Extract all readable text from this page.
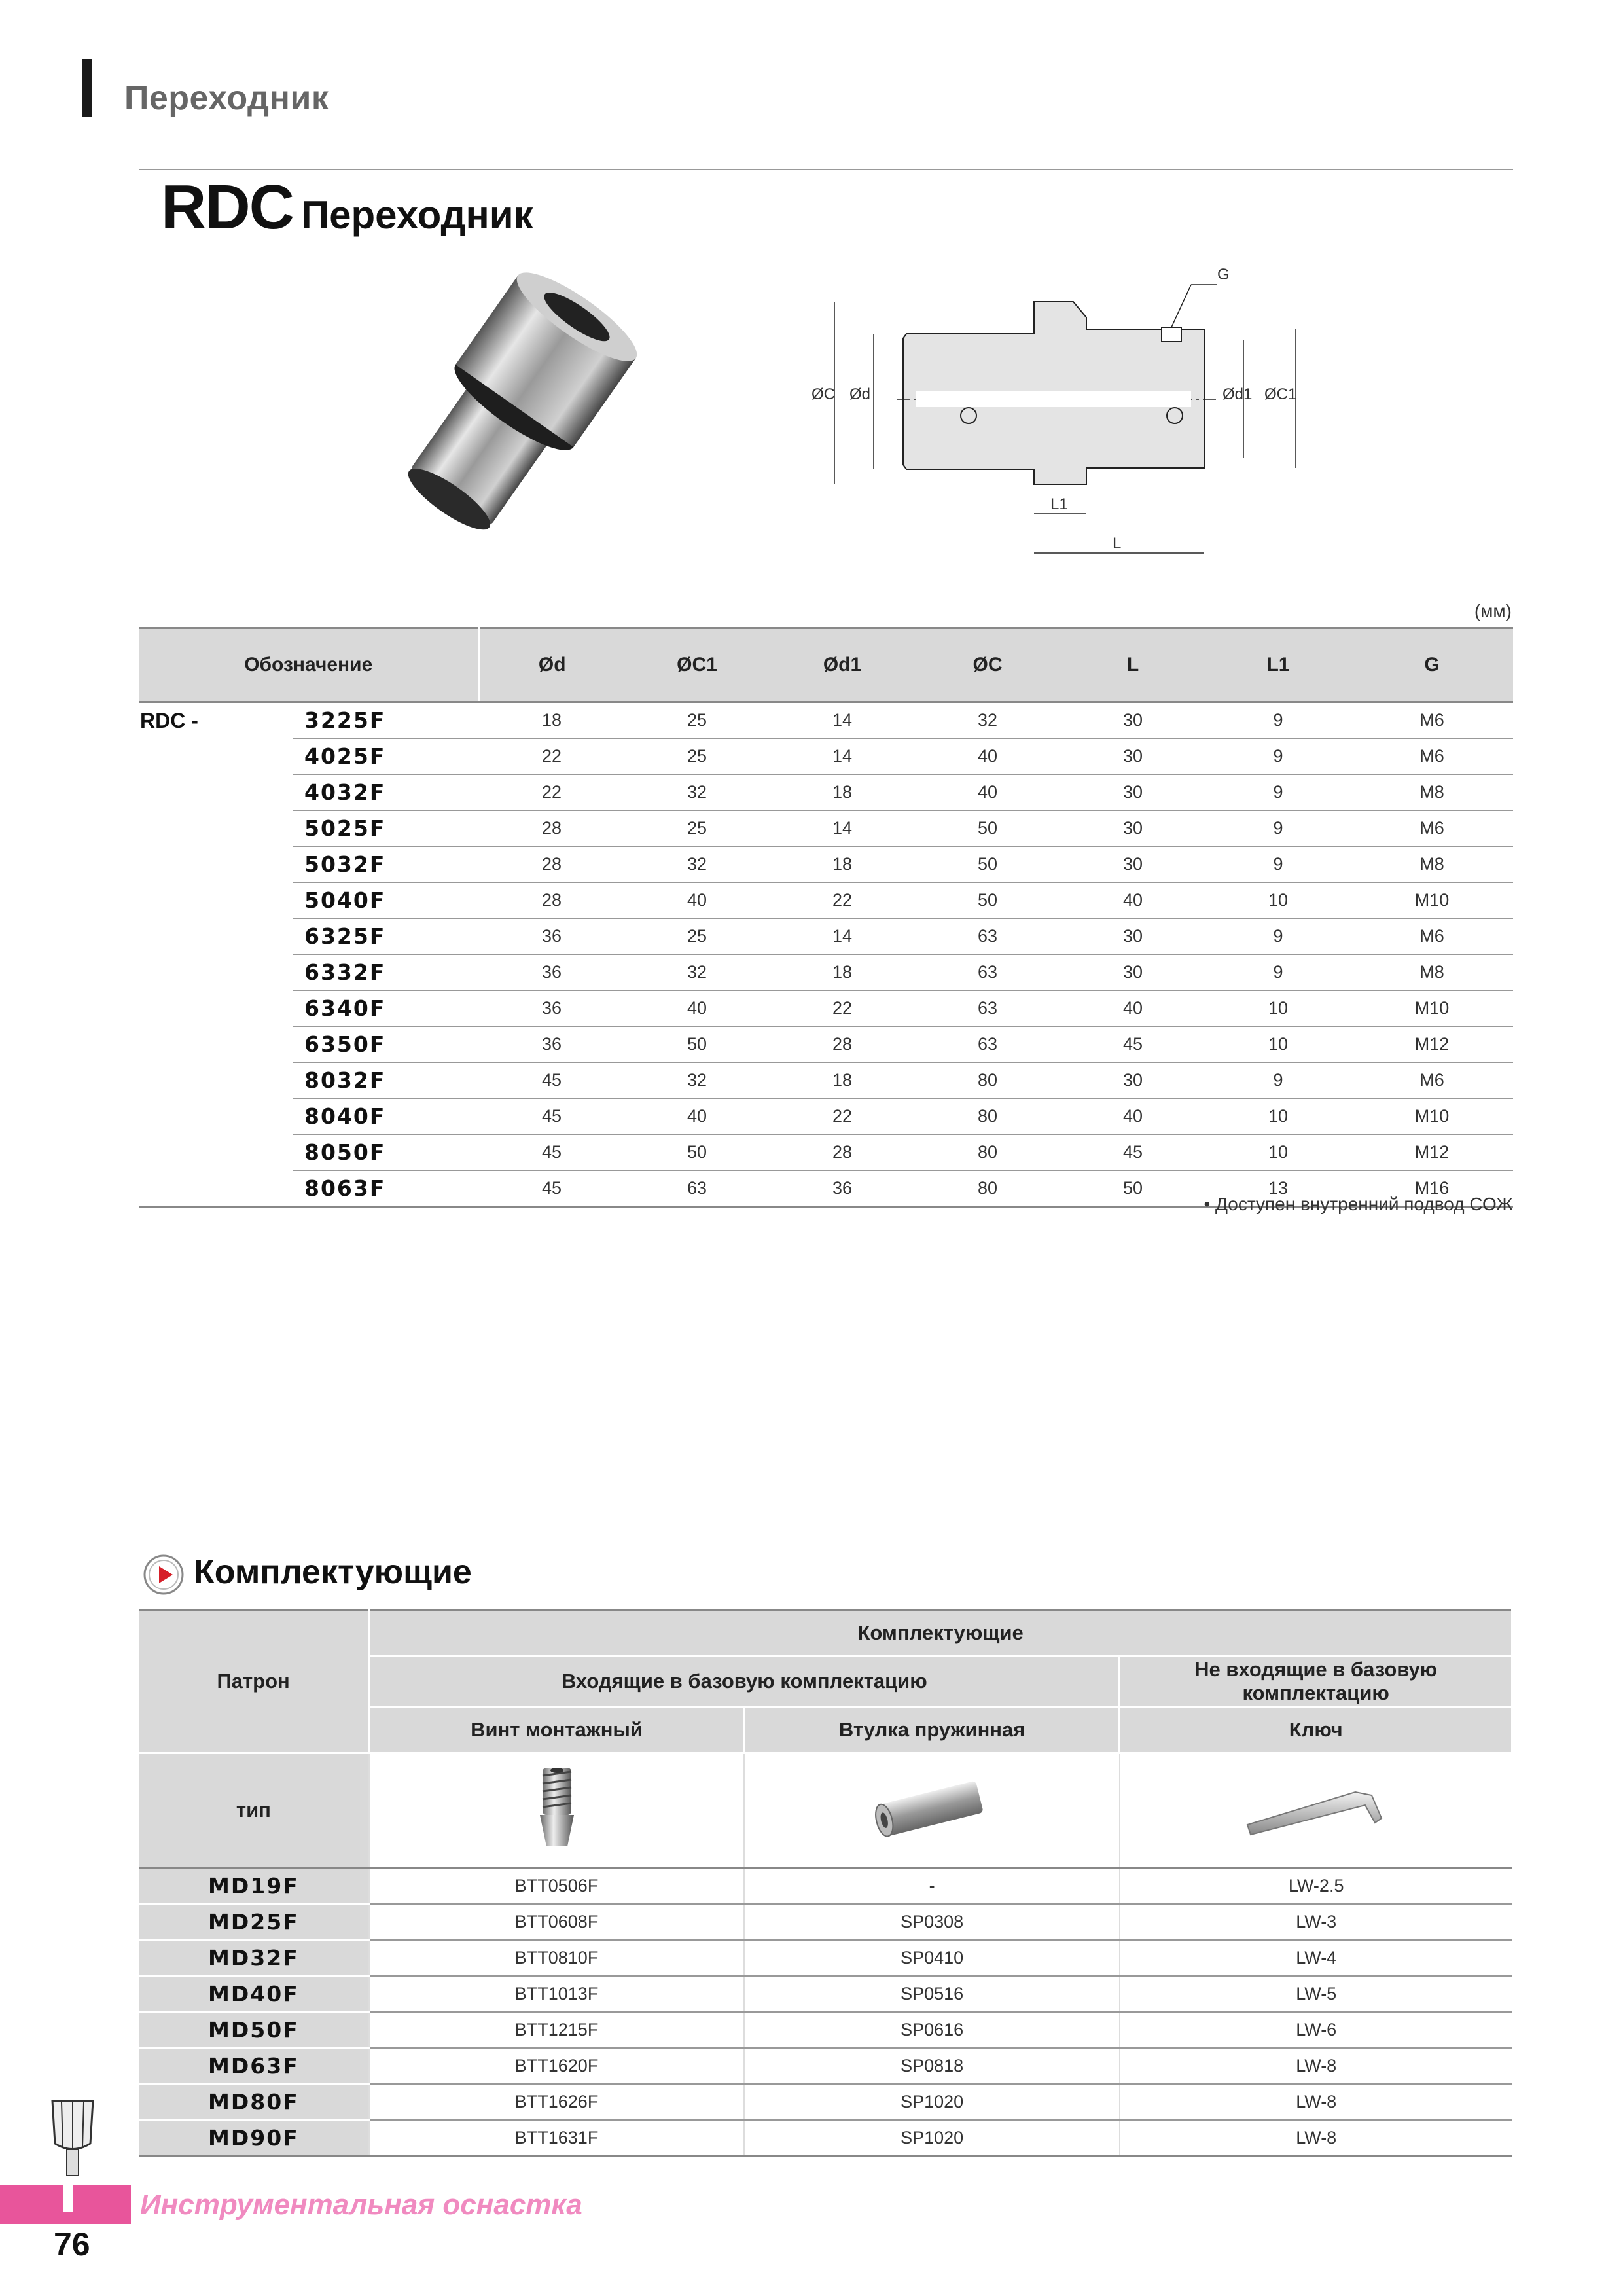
Переходник
RDC Переходник
G
ØC Ød	Ød1 ØC1
L1
L
(мм)
Обозначение		Ød	ØC1	Ød1	ØC	L	L1	G
RDC -	3225F	18	25	14	32	30	9	M6
	4025F	22	25	14	40	30	9	M6
	4032F	22	32	18	40	30	9	M8
	5025F	28	25	14	50	30	9	M6
	5032F	28	32	18	50	30	9	M8
	5040F	28	40	22	50	40	10	M10
	6325F	36	25	14	63	30	9	M6
	6332F	36	32	18	63	30	9	M8
	6340F	36	40	22	63	40	10	M10
	6350F	36	50	28	63	45	10	M12
	8032F	45	32	18	80	30	9	M6
	8040F	45	40	22	80	40	10	M10
	8050F	45	50	28	80	45	10	M12
	8063F	45	63	36	80	50	13	M16
• Доступен внутренний подвод СОЖ
Комплектующие
Патрон	Комплектующие		
	Входящие в базовую комплектацию		Не входящие в базовую комплектацию
	Винт монтажный	Втулка пружинная	Ключ
тип			
MD19F	BTT0506F	-	LW-2.5
MD25F	BTT0608F	SP0308	LW-3
MD32F	BTT0810F	SP0410	LW-4
MD40F	BTT1013F	SP0516	LW-5
MD50F	BTT1215F	SP0616	LW-6
MD63F	BTT1620F	SP0818	LW-8
MD80F	BTT1626F	SP1020	LW-8
MD90F	BTT1631F	SP1020	LW-8
Инструментальная оснастка
76
